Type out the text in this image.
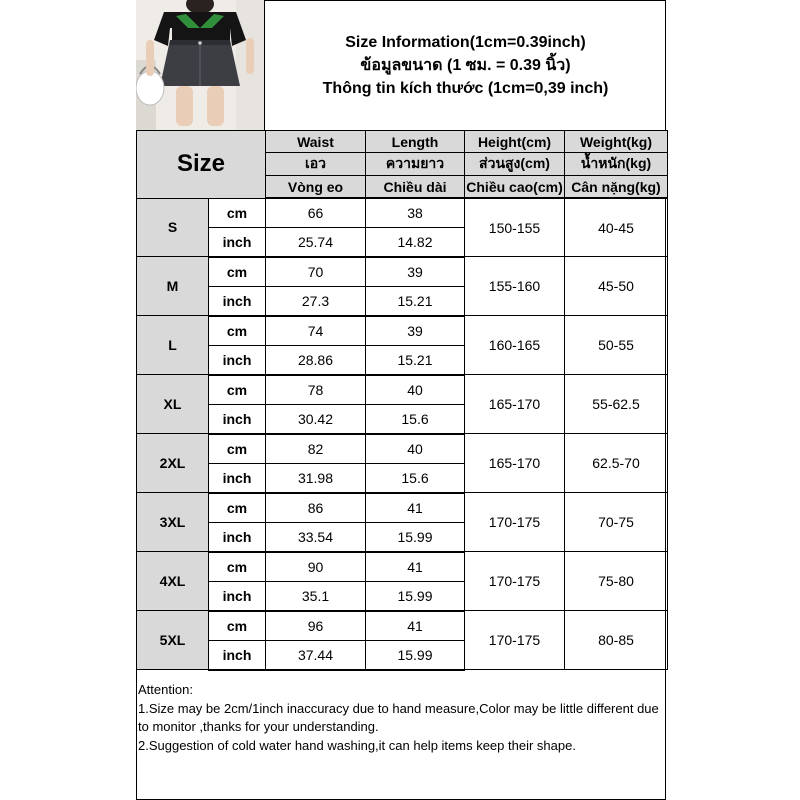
Size Information(1cm=0.39inch)
ข้อมูลขนาด (1 ซม. = 0.39 นิ้ว)
Thông tin kích thước (1cm=0,39 inch)
Size		Waist	Length	Height(cm)	Weight(kg)
		เอว	ความยาว	ส่วนสูง(cm)	น้ำหนัก(kg)
		Vòng eo	Chiều dài	Chiều cao(cm)	Cân nặng(kg)
S	cm	66	38	150-155	40-45
	inch	25.74	14.82		
M	cm	70	39	155-160	45-50
	inch	27.3	15.21		
L	cm	74	39	160-165	50-55
	inch	28.86	15.21		
XL	cm	78	40	165-170	55-62.5
	inch	30.42	15.6		
2XL	cm	82	40	165-170	62.5-70
	inch	31.98	15.6		
3XL	cm	86	41	170-175	70-75
	inch	33.54	15.99		
4XL	cm	90	41	170-175	75-80
	inch	35.1	15.99		
5XL	cm	96	41	170-175	80-85
	inch	37.44	15.99		
Attention:
1.Size may be 2cm/1inch inaccuracy due to hand measure,Color may be little different due to monitor ,thanks for your understanding.
2.Suggestion of cold water hand washing,it can help items keep their shape.
